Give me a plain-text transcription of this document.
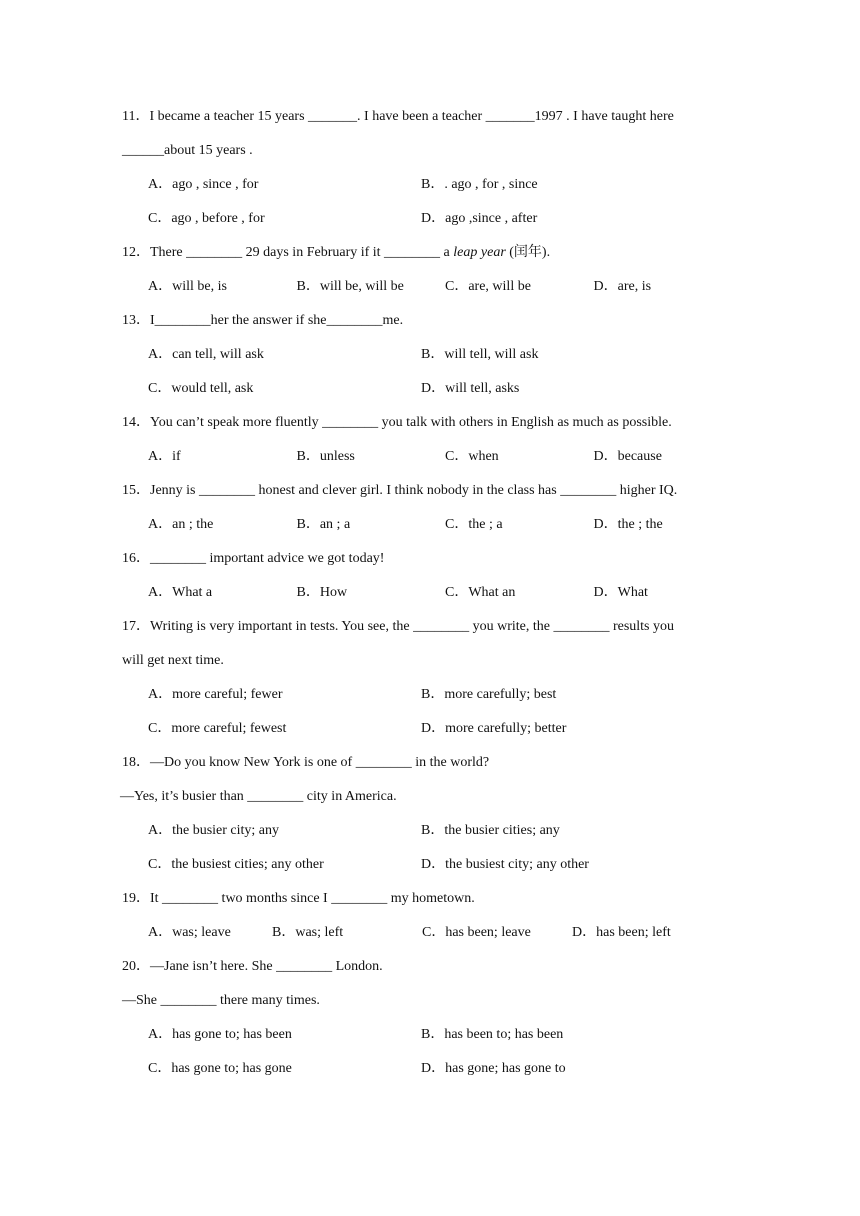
11．I became a teacher 15 years _______. I have been a teacher _______1997 . I have taught here
______about 15 years .
A．ago , since , for	B．. ago , for , since
C．ago , before , for	D．ago ,since , after
12．There ________ 29 days in February if it ________ a leap year (闰年).
A．will be, is	B．will be, will be	C．are, will be	D．are, is
13．I________her the answer if she________me.
A．can tell, will ask	B．will tell, will ask
C．would tell, ask	D．will tell, asks
14．You can’t speak more fluently ________ you talk with others in English as much as possible.
A．if	B．unless	C．when	D．because
15．Jenny is ________ honest and clever girl. I think nobody in the class has ________ higher IQ.
A．an ; the	B．an ; a	C．the ; a	D．the ; the
16．________ important advice we got today!
A．What a	B．How	C．What an	D．What
17．Writing is very important in tests. You see, the ________ you write, the ________ results you
will get next time.
A．more careful; fewer	B．more carefully; best
C．more careful; fewest	D．more carefully; better
18．—Do you know New York is one of ________ in the world?
—Yes, it’s busier than ________ city in America.
A．the busier city; any	B．the busier cities; any
C．the busiest cities; any other	D．the busiest city; any other
19．It ________ two months since I ________ my hometown.
A．was; leave	B．was; left	C．has been; leave	D．has been; left
20．—Jane isn’t here. She ________ London.
—She ________ there many times.
A．has gone to; has been	B．has been to; has been
C．has gone to; has gone	D．has gone; has gone to
